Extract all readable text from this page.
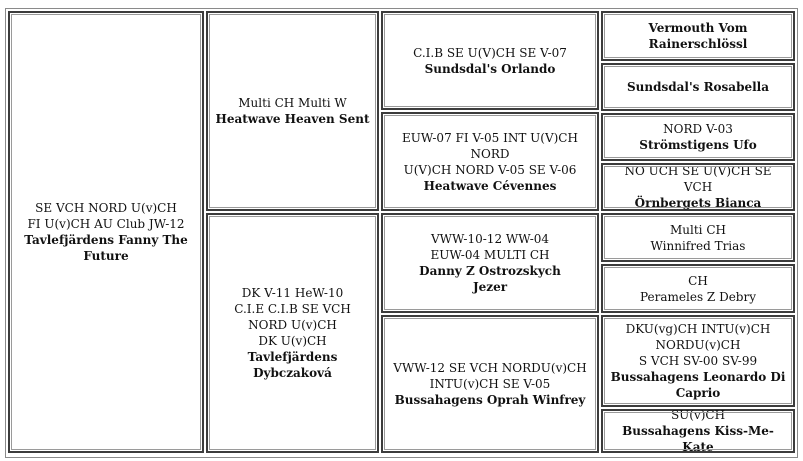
SE VCH NORD U(v)CH
FI U(v)CH AU Club JW-12
Tavlefjärdens Fanny The
Future
Multi CH Multi W
Heatwave Heaven Sent
DK V-11 HeW-10
C.I.E C.I.B SE VCH
NORD U(v)CH
DK U(v)CH
Tavlefjärdens
Dybczaková
C.I.B SE U(V)CH SE V-07
Sundsdal's Orlando
EUW-07 FI V-05 INT U(V)CH NORD
U(V)CH NORD V-05 SE V-06
Heatwave Cévennes
VWW-10-12 WW-04
EUW-04 MULTI CH
Danny Z Ostrozskych
Jezer
VWW-12 SE VCH NORDU(v)CH
INTU(v)CH SE V-05
Bussahagens Oprah Winfrey
Vermouth Vom
Rainerschlössl
Sundsdal's Rosabella
NORD V-03
Strömstigens Ufo
NO UCH SE U(V)CH SE VCH
Örnbergets Bianca
Multi CH
Winnifred Trias
CH
Perameles Z Debry
DKU(vg)CH INTU(v)CH
NORDU(v)CH
S VCH SV-00 SV-99
Bussahagens Leonardo Di
Caprio
SU(v)CH
Bussahagens Kiss-Me-Kate
